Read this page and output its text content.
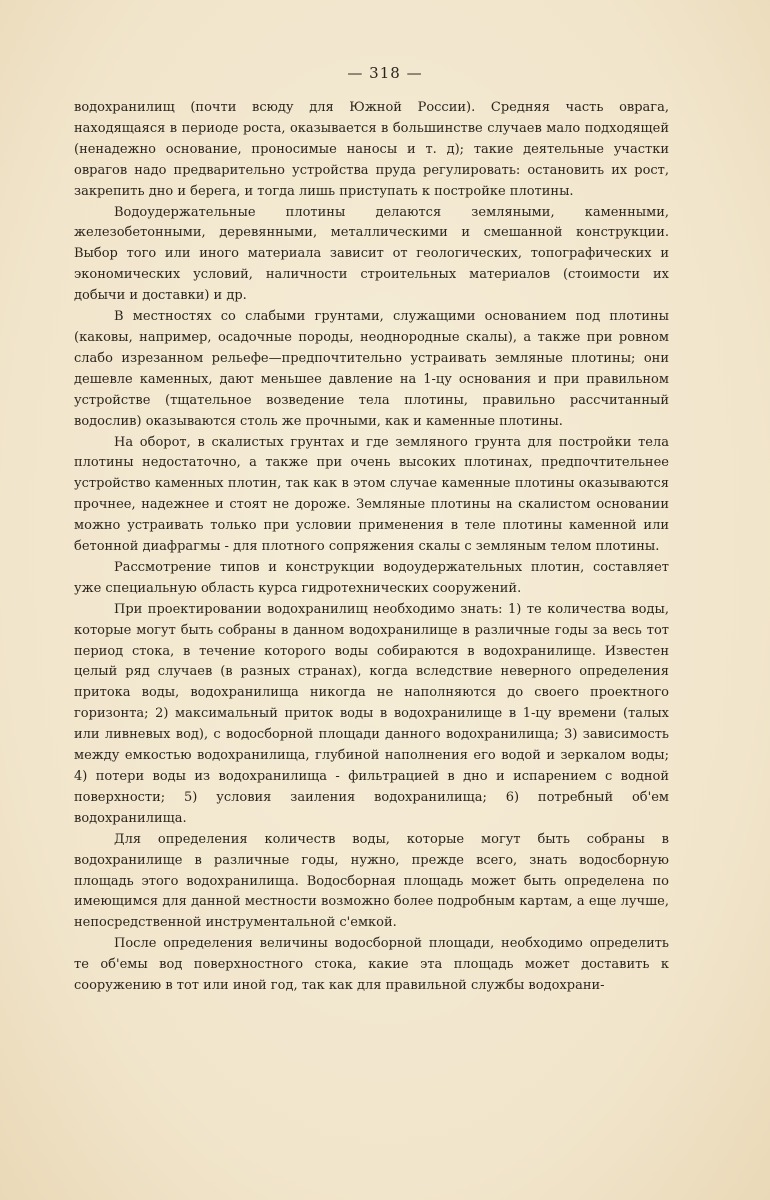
— 318 —

водохранилищ (почти всюду для Южной России). Средняя часть оврага, находящаяся в периоде роста, оказывается в большинстве случаев мало подходящей (ненадежно основание, проносимые наносы и т. д); такие деятельные участки оврагов надо предварительно устройства пруда регулировать: остановить их рост, закрепить дно и берега, и тогда лишь приступать к постройке плотины.

Водоудержательные плотины делаются земляными, каменными, железобетонными, деревянными, металлическими и смешанной конструкции. Выбор того или иного материала зависит от геологических, топографических и экономических условий, наличности строительных материалов (стоимости их добычи и доставки) и др.

В местностях со слабыми грунтами, служащими основанием под плотины (каковы, например, осадочные породы, неоднородные скалы), а также при ровном слабо изрезанном рельефе—предпочтительно устраивать земляные плотины; они дешевле каменных, дают меньшее давление на 1-цу основания и при правильном устройстве (тщательное возведение тела плотины, правильно рассчитанный водослив) оказываются столь же прочными, как и каменные плотины.

На оборот, в скалистых грунтах и где земляного грунта для постройки тела плотины недостаточно, а также при очень высоких плотинах, предпочтительнее устройство каменных плотин, так как в этом случае каменные плотины оказываются прочнее, надежнее и стоят не дороже. Земляные плотины на скалистом основании можно устраивать только при условии применения в теле плотины каменной или бетонной диафрагмы - для плотного сопряжения скалы с земляным телом плотины.

Рассмотрение типов и конструкции водоудержательных плотин, составляет уже специальную область курса гидротехнических сооружений.

При проектировании водохранилищ необходимо знать: 1) те количества воды, которые могут быть собраны в данном водохранилище в различные годы за весь тот период стока, в течение которого воды собираются в водохранилище. Известен целый ряд случаев (в разных странах), когда вследствие неверного определения притока воды, водохранилища никогда не наполняются до своего проектного горизонта; 2) максимальный приток воды в водохранилище в 1-цу времени (талых или ливневых вод), с водосборной площади данного водохранилища; 3) зависимость между емкостью водохранилища, глубиной наполнения его водой и зеркалом воды; 4) потери воды из водохранилища - фильтрацией в дно и испарением с водной поверхности; 5) условия заиления водохранилища; 6) потребный об'ем водохранилища.

Для определения количеств воды, которые могут быть собраны в водохранилище в различные годы, нужно, прежде всего, знать водосборную площадь этого водохранилища. Водосборная площадь может быть определена по имеющимся для данной местности возможно более подробным картам, а еще лучше, непосредственной инструментальной с'емкой.

После определения величины водосборной площади, необходимо определить те об'емы вод поверхностного стока, какие эта площадь может доставить к сооружению в тот или иной год, так как для правильной службы водохрани-
